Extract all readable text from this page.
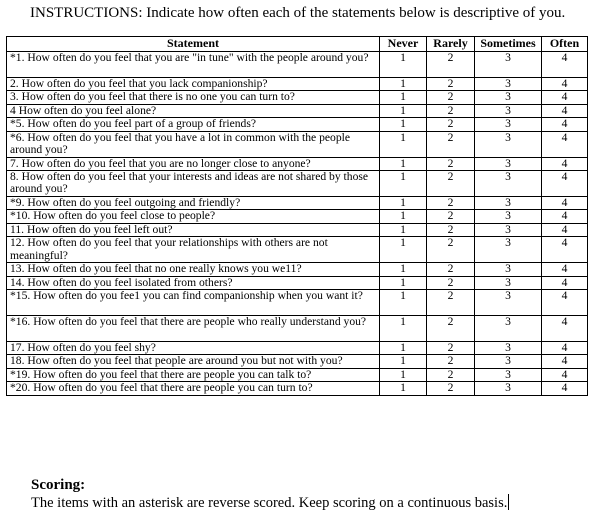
INSTRUCTIONS: Indicate how often each of the statements below is descriptive of you.
Statement	Never	Rarely	Sometimes	Often
*1. How often do you feel that you are "in tune" with the people around you?	1	2	3	4
2. How often do you feel that you lack companionship?	1	2	3	4
3. How often do you feel that there is no one you can turn to?	1	2	3	4
4 How often do you feel alone?	1	2	3	4
*5. How often do you feel part of a group of friends?	1	2	3	4
*6. How often do you feel that you have a lot in common with the people around you?	1	2	3	4
7. How often do you feel that you are no longer close to anyone?	1	2	3	4
8. How often do you feel that your interests and ideas are not shared by those around you?	1	2	3	4
*9. How often do you feel outgoing and friendly?	1	2	3	4
*10. How often do you feel close to people?	1	2	3	4
11. How often do you feel left out?	1	2	3	4
12. How often do you feel that your relationships with others are not meaningful?	1	2	3	4
13. How often do you feel that no one really knows you we11?	1	2	3	4
14. How often do you feel isolated from others?	1	2	3	4
*15. How often do you fee1 you can find companionship when you want it?	1	2	3	4
*16. How often do you feel that there are people who really understand you?	1	2	3	4
17. How often do you feel shy?	1	2	3	4
18. How often do you feel that people are around you but not with you?	1	2	3	4
*19. How often do you feel that there are people you can talk to?	1	2	3	4
*20. How often do you feel that there are people you can turn to?	1	2	3	4
Scoring:
The items with an asterisk are reverse scored. Keep scoring on a continuous basis.
